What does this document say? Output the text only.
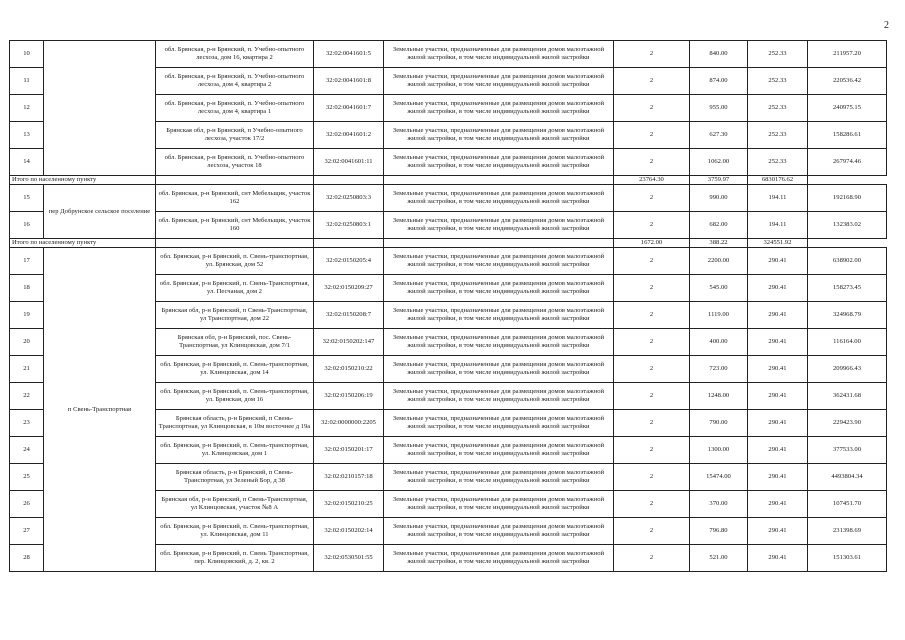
2
10		обл. Брянская, р-н Брянский, п. Учебно-опытного лесхоза, дом 16, квартира 2	32:02:0041601:5	Земельные участки, предназначенные для размещения домов малоэтажной жилой застройки, в том числе индивидуальной жилой застройки	2	840.00	252.33	211957.20
11		обл. Брянская, р-н Брянский, п. Учебно-опытного лесхоза, дом 4, квартира 2	32:02:0041601:8	Земельные участки, предназначенные для размещения домов малоэтажной жилой застройки, в том числе индивидуальной жилой застройки	2	874.00	252.33	220536.42
12		обл. Брянская, р-н Брянский, п. Учебно-опытного лесхоза, дом 4, квартира 1	32:02:0041601:7	Земельные участки, предназначенные для размещения домов малоэтажной жилой застройки, в том числе индивидуальной жилой застройки	2	955.00	252.33	240975.15
13		Брянская обл, р-н Брянский, п Учебно-опытного лесхоза, участок 17/2	32:02:0041601:2	Земельные участки, предназначенные для размещения домов малоэтажной жилой застройки, в том числе индивидуальной жилой застройки	2	627.30	252.33	158286.61
14		обл. Брянская, р-н Брянский, п. Учебно-опытного лесхоза, участок 18	32:02:0041601:11	Земельные участки, предназначенные для размещения домов малоэтажной жилой застройки, в том числе индивидуальной жилой застройки	2	1062.00	252.33	267974.46
Итого по населенному пункту					23764.30	3759.97	6830176.62	
15	пер Добрунское сельское поселение	обл. Брянская, р-н Брянский, снт Мебельщик, участок 162	32:02:0250803:3	Земельные участки, предназначенные для размещения домов малоэтажной жилой застройки, в том числе индивидуальной жилой застройки	2	990.00	194.11	192168.90
16		обл. Брянская, р-н Брянский, снт Мебельщик, участок 160	32:02:0250803:1	Земельные участки, предназначенные для размещения домов малоэтажной жилой застройки, в том числе индивидуальной жилой застройки	2	682.00	194.11	132383.02
Итого по населенному пункту					1672.00	388.22	324551.92	
17	п Свень-Транспортная	обл. Брянская, р-н Брянский, п. Свень-транспортная, ул. Брянская, дом 52	32:02:0150205:4	Земельные участки, предназначенные для размещения домов малоэтажной жилой застройки, в том числе индивидуальной жилой застройки	2	2200.00	290.41	638902.00
18		обл. Брянская, р-н Брянский, п. Свень-Транспортная, ул. Песчаная, дом 2	32:02:0150209:27	Земельные участки, предназначенные для размещения домов малоэтажной жилой застройки, в том числе индивидуальной жилой застройки	2	545.00	290.41	158273.45
19		Брянская обл, р-н Брянский, п Свень-Транспортная, ул Транспортная, дом 22	32:02:0150208:7	Земельные участки, предназначенные для размещения домов малоэтажной жилой застройки, в том числе индивидуальной жилой застройки	2	1119.00	290.41	324968.79
20		Брянская обл, р-н Брянский, пос. Свень-Транспортная, ул Клинцовская, дом 7/1	32:02:0150202:147	Земельные участки, предназначенные для размещения домов малоэтажной жилой застройки, в том числе индивидуальной жилой застройки	2	400.00	290.41	116164.00
21		обл. Брянская, р-н Брянский, п. Свень-транспортная, ул. Клинцовская, дом 14	32:02:0150210:22	Земельные участки, предназначенные для размещения домов малоэтажной жилой застройки, в том числе индивидуальной жилой застройки	2	723.00	290.41	209966.43
22		обл. Брянская, р-н Брянский, п. Свень-транспортная, ул. Брянская, дом 16	32:02:0150206:19	Земельные участки, предназначенные для размещения домов малоэтажной жилой застройки, в том числе индивидуальной жилой застройки	2	1248.00	290.41	362431.68
23		Брянская область, р-н Брянский, п Свень-Транспортная, ул Клинцовская, в 10м восточнее д 19а	32:02:0000000:2205	Земельные участки, предназначенные для размещения домов малоэтажной жилой застройки, в том числе индивидуальной жилой застройки	2	790.00	290.41	229423.90
24		обл. Брянская, р-н Брянский, п. Свень-транспортная, ул. Клинцовская, дом 1	32:02:0150201:17	Земельные участки, предназначенные для размещения домов малоэтажной жилой застройки, в том числе индивидуальной жилой застройки	2	1300.00	290.41	377533.00
25		Брянская область, р-н Брянский, п Свень-Транспортная, ул Зеленый Бор, д 38	32:02:0210157:18	Земельные участки, предназначенные для размещения домов малоэтажной жилой застройки, в том числе индивидуальной жилой застройки	2	15474.00	290.41	4493804.34
26		Брянская обл, р-н Брянский, п Свень-Транспортная, ул Клинцовская, участок №8 А	32:02:0150210:25	Земельные участки, предназначенные для размещения домов малоэтажной жилой застройки, в том числе индивидуальной жилой застройки	2	370.00	290.41	107451.70
27		обл. Брянская, р-н Брянский, п. Свень-транспортная, ул. Клинцовская, дом 11	32:02:0150202:14	Земельные участки, предназначенные для размещения домов малоэтажной жилой застройки, в том числе индивидуальной жилой застройки	2	796.80	290.41	231398.69
28		обл. Брянская, р-н Брянский, п. Свень Транспортная, пер. Клинцовский, д. 2, кв. 2	32:02:0530501:55	Земельные участки, предназначенные для размещения домов малоэтажной жилой застройки, в том числе индивидуальной жилой застройки	2	521.00	290.41	151303.61
